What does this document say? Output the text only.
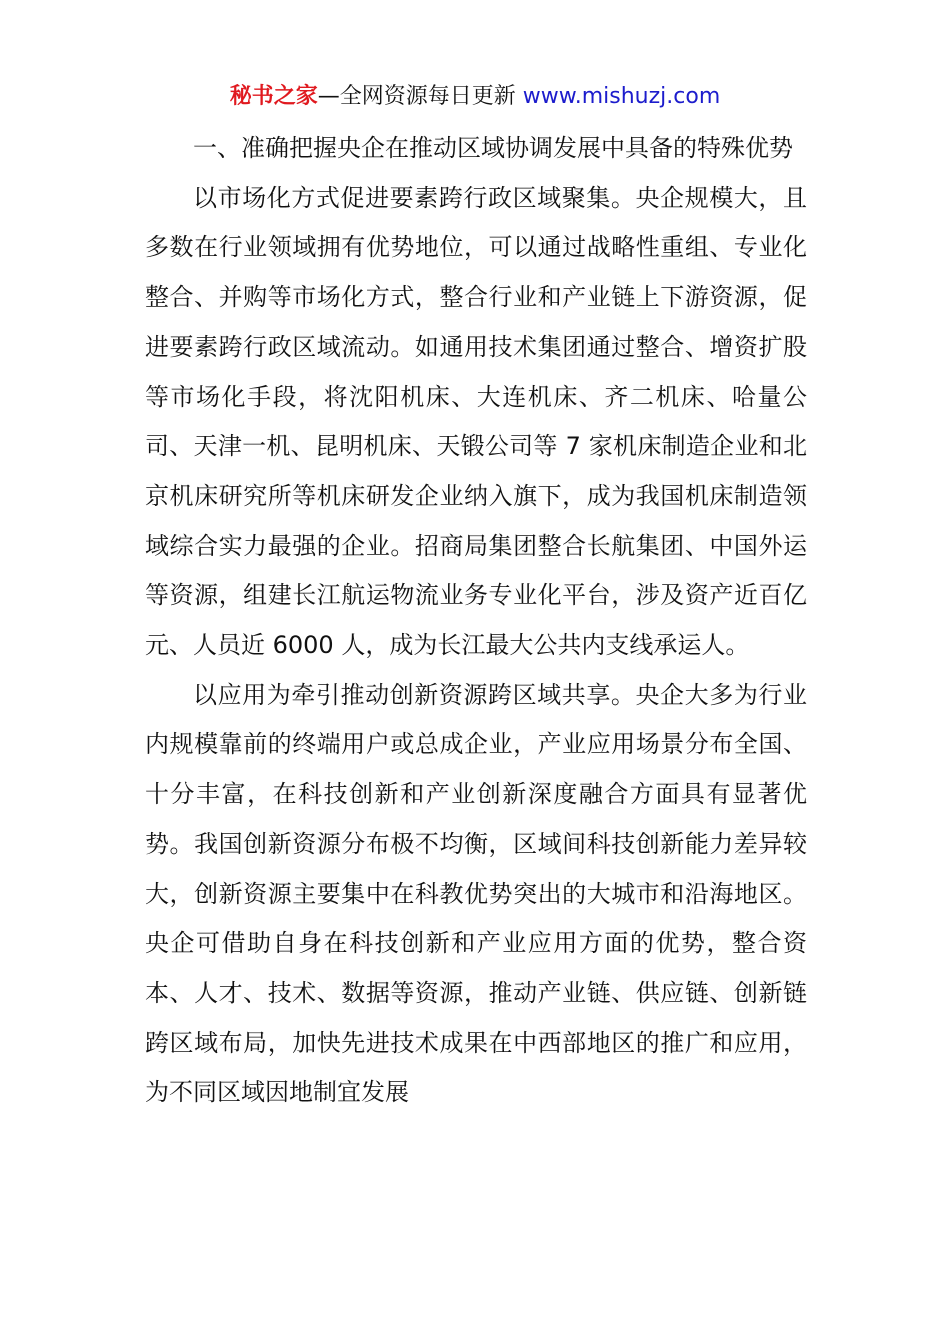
秘书之家—全网资源每日更新 www.mishuzj.com

一、准确把握央企在推动区域协调发展中具备的特殊优势

以市场化方式促进要素跨行政区域聚集。央企规模大，且多数在行业领域拥有优势地位，可以通过战略性重组、专业化整合、并购等市场化方式，整合行业和产业链上下游资源，促进要素跨行政区域流动。如通用技术集团通过整合、增资扩股等市场化手段，将沈阳机床、大连机床、齐二机床、哈量公司、天津一机、昆明机床、天锻公司等 7 家机床制造企业和北京机床研究所等机床研发企业纳入旗下，成为我国机床制造领域综合实力最强的企业。招商局集团整合长航集团、中国外运等资源，组建长江航运物流业务专业化平台，涉及资产近百亿元、人员近 6000 人，成为长江最大公共内支线承运人。

以应用为牵引推动创新资源跨区域共享。央企大多为行业内规模靠前的终端用户或总成企业，产业应用场景分布全国、十分丰富，在科技创新和产业创新深度融合方面具有显著优势。我国创新资源分布极不均衡，区域间科技创新能力差异较大，创新资源主要集中在科教优势突出的大城市和沿海地区。央企可借助自身在科技创新和产业应用方面的优势，整合资本、人才、技术、数据等资源，推动产业链、供应链、创新链跨区域布局，加快先进技术成果在中西部地区的推广和应用，为不同区域因地制宜发展
